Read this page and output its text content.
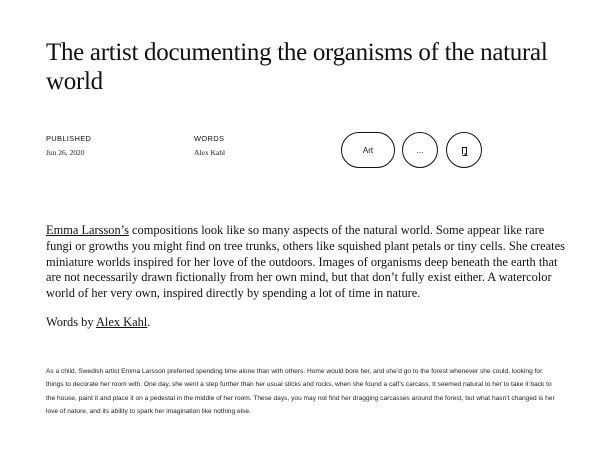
The artist documenting the organisms of the natural world
PUBLISHED
Jun 26, 2020
WORDS
Alex Kahl	Art	...

Emma Larsson’s compositions look like so many aspects of the natural world. Some appear like rare fungi or growths you might find on tree trunks, others like squished plant petals or tiny cells. She creates miniature worlds inspired for her love of the outdoors. Images of organisms deep beneath the earth that are not necessarily drawn fictionally from her own mind, but that don’t fully exist either. A watercolor world of her very own, inspired directly by spending a lot of time in nature.

Words by Alex Kahl.

As a child, Swedish artist Emma Larsson preferred spending time alone than with others. Home would bore her, and she’d go to the forest whenever she could, looking for things to decorate her room with. One day, she went a step further than her usual sticks and rocks, when she found a calf’s carcass. It seemed natural to her to take it back to the house, paint it and place it on a pedestal in the middle of her room. These days, you may not find her dragging carcasses around the forest, but what hasn’t changed is her love of nature, and its ability to spark her imagination like nothing else.
